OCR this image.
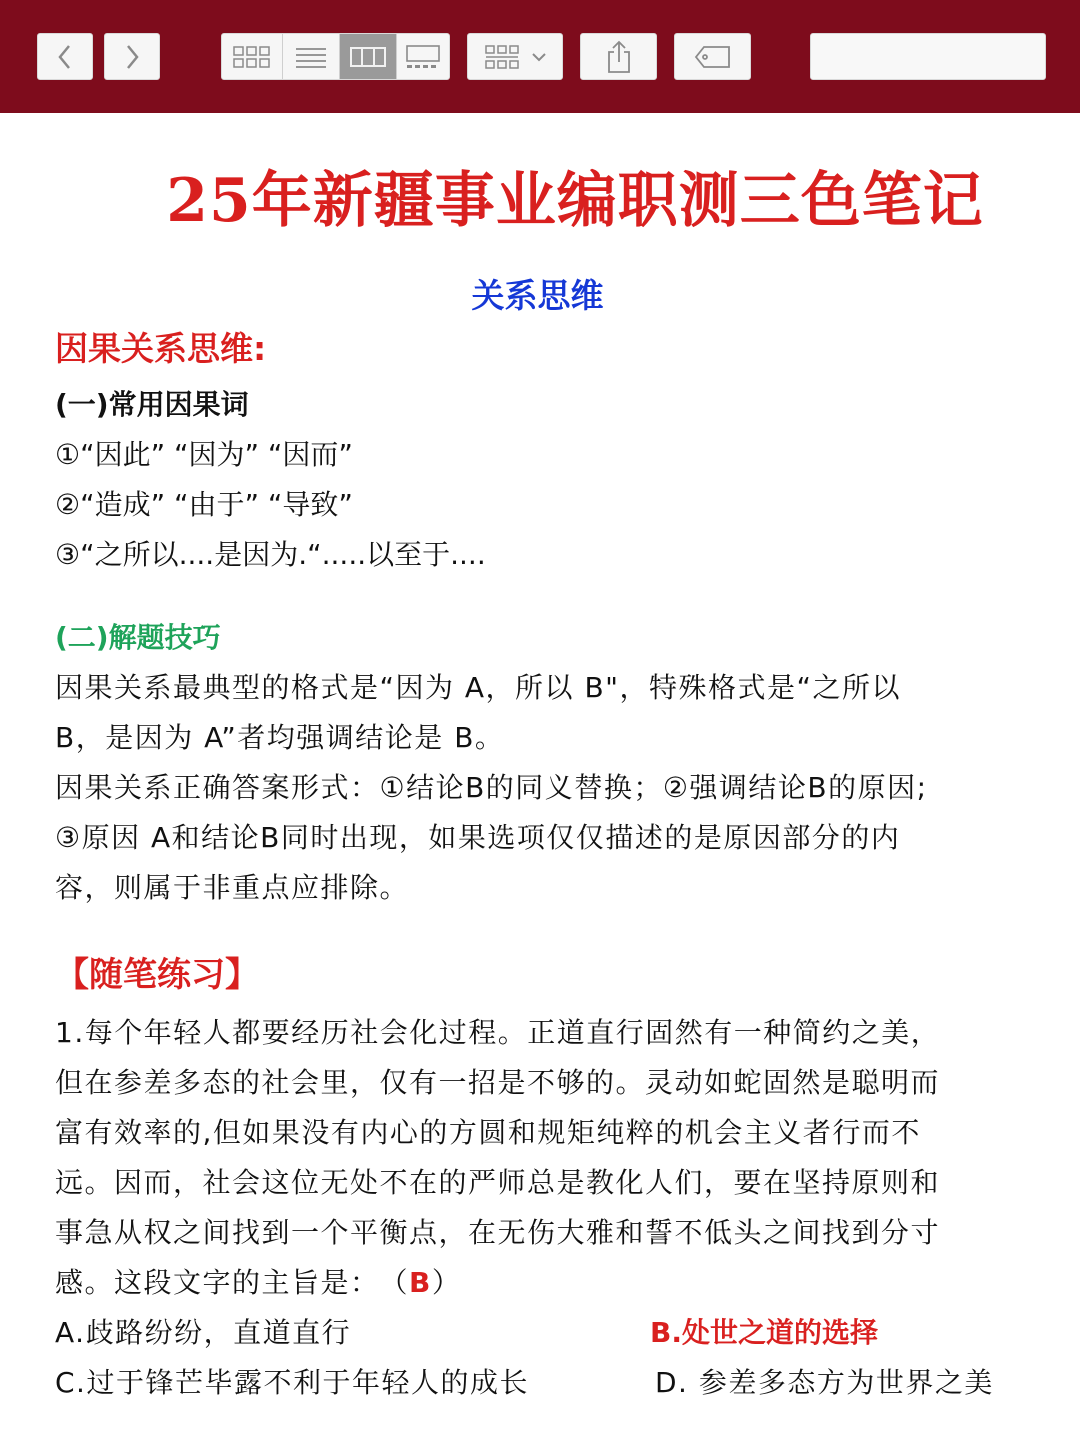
25年新疆事业编职测三色笔记
关系思维
因果关系思维:
(一)常用因果词
①“因此” “因为” “因而”
②“造成” “由于” “导致”
③“之所以....是因为.“.....以至于....
(二)解题技巧
因果关系最典型的格式是“因为 A，所以 B"，特殊格式是“之所以
B，是因为 A”者均强调结论是 B。
因果关系正确答案形式：①结论B的同义替换；②强调结论B的原因;
③原因 A和结论B同时出现，如果选项仅仅描述的是原因部分的内
容，则属于非重点应排除。
【随笔练习】
1.每个年轻人都要经历社会化过程。正道直行固然有一种简约之美，
但在参差多态的社会里，仅有一招是不够的。灵动如蛇固然是聪明而
富有效率的,但如果没有内心的方圆和规矩纯粹的机会主义者行而不
远。因而，社会这位无处不在的严师总是教化人们，要在坚持原则和
事急从权之间找到一个平衡点，在无伤大雅和誓不低头之间找到分寸
感。这段文字的主旨是： （B）
A.歧路纷纷，直道直行	B.处世之道的选择
C.过于锋芒毕露不利于年轻人的成长	D. 参差多态方为世界之美
